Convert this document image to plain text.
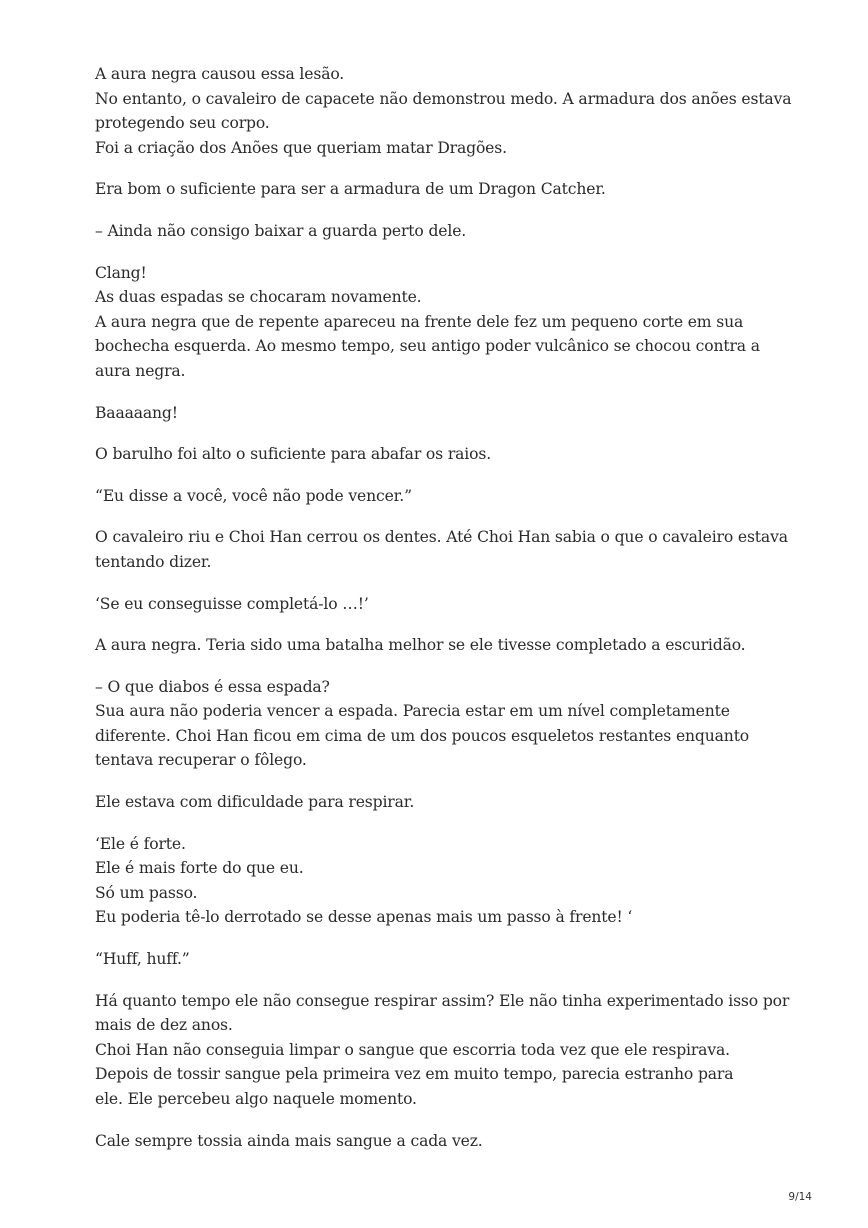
A aura negra causou essa lesão.
No entanto, o cavaleiro de capacete não demonstrou medo. A armadura dos anões estava
protegendo seu corpo.
Foi a criação dos Anões que queriam matar Dragões.

Era bom o suficiente para ser a armadura de um Dragon Catcher.

– Ainda não consigo baixar a guarda perto dele.

Clang!
As duas espadas se chocaram novamente.
A aura negra que de repente apareceu na frente dele fez um pequeno corte em sua
bochecha esquerda. Ao mesmo tempo, seu antigo poder vulcânico se chocou contra a
aura negra.

Baaaaang!

O barulho foi alto o suficiente para abafar os raios.

“Eu disse a você, você não pode vencer.”

O cavaleiro riu e Choi Han cerrou os dentes. Até Choi Han sabia o que o cavaleiro estava
tentando dizer.

‘Se eu conseguisse completá-lo …!’

A aura negra. Teria sido uma batalha melhor se ele tivesse completado a escuridão.

– O que diabos é essa espada?
Sua aura não poderia vencer a espada. Parecia estar em um nível completamente
diferente. Choi Han ficou em cima de um dos poucos esqueletos restantes enquanto
tentava recuperar o fôlego.

Ele estava com dificuldade para respirar.

‘Ele é forte.
Ele é mais forte do que eu.
Só um passo.
Eu poderia tê-lo derrotado se desse apenas mais um passo à frente! ‘

“Huff, huff.”

Há quanto tempo ele não consegue respirar assim? Ele não tinha experimentado isso por
mais de dez anos.
Choi Han não conseguia limpar o sangue que escorria toda vez que ele respirava.
Depois de tossir sangue pela primeira vez em muito tempo, parecia estranho para
ele. Ele percebeu algo naquele momento.

Cale sempre tossia ainda mais sangue a cada vez.

9/14
